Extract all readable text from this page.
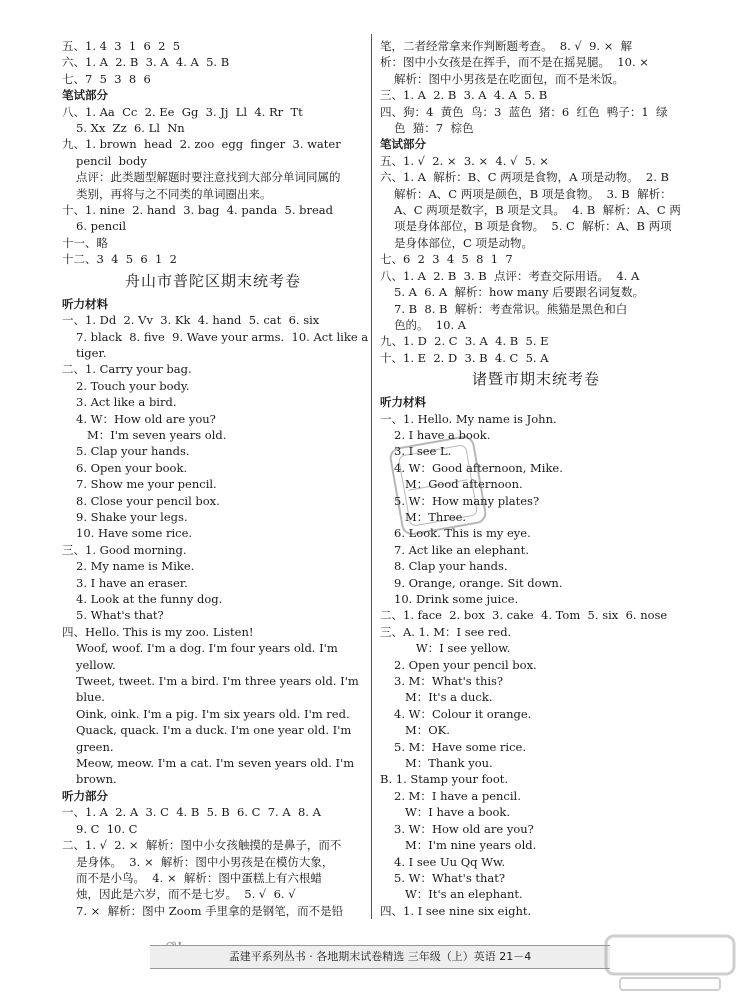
五、1. 4  3  1  6  2  5
六、1. A  2. B  3. A  4. A  5. B
七、7  5  3  8  6
笔试部分
八、1. Aa  Cc  2. Ee  Gg  3. Jj  Ll  4. Rr  Tt
5. Xx  Zz  6. Ll  Nn
九、1. brown  head  2. zoo  egg  finger  3. water
pencil  body
点评：此类题型解题时要注意找到大部分单词同属的
类别，再将与之不同类的单词圈出来。
十、1. nine  2. hand  3. bag  4. panda  5. bread
6. pencil
十一、略
十二、3  4  5  6  1  2
舟山市普陀区期末统考卷
听力材料
一、1. Dd  2. Vv  3. Kk  4. hand  5. cat  6. six
7. black  8. five  9. Wave your arms.  10. Act like a
tiger.
二、1. Carry your bag.
2. Touch your body.
3. Act like a bird.
4. W：How old are you?
M：I'm seven years old.
5. Clap your hands.
6. Open your book.
7. Show me your pencil.
8. Close your pencil box.
9. Shake your legs.
10. Have some rice.
三、1. Good morning.
2. My name is Mike.
3. I have an eraser.
4. Look at the funny dog.
5. What's that?
四、Hello. This is my zoo. Listen!
Woof, woof. I'm a dog. I'm four years old. I'm
yellow.
Tweet, tweet. I'm a bird. I'm three years old. I'm
blue.
Oink, oink. I'm a pig. I'm six years old. I'm red.
Quack, quack. I'm a duck. I'm one year old. I'm
green.
Meow, meow. I'm a cat. I'm seven years old. I'm
brown.
听力部分
一、1. A  2. A  3. C  4. B  5. B  6. C  7. A  8. A
9. C  10. C
二、1. √  2. ×  解析：图中小女孩触摸的是鼻子，而不
是身体。  3. ×  解析：图中小男孩是在模仿大象，
而不是小鸟。  4. ×  解析：图中蛋糕上有六根蜡
烛，因此是六岁，而不是七岁。  5. √  6. √
7. ×  解析：图中 Zoom 手里拿的是钢笔，而不是铅
笔，二者经常拿来作判断题考查。  8. √  9. ×  解
析：图中小女孩是在挥手，而不是在摇晃腿。  10. ×
解析：图中小男孩是在吃面包，而不是米饭。
三、1. A  2. B  3. A  4. A  5. B
四、狗：4  黄色  鸟：3  蓝色  猪：6  红色  鸭子：1  绿
色  猫：7  棕色
笔试部分
五、1. √  2. ×  3. ×  4. √  5. ×
六、1. A  解析：B、C 两项是食物，A 项是动物。  2. B
解析：A、C 两项是颜色，B 项是食物。  3. B  解析：
A、C 两项是数字，B 项是文具。  4. B  解析：A、C 两
项是身体部位，B 项是食物。  5. C  解析：A、B 两项
是身体部位，C 项是动物。
七、6  2  3  4  5  8  1  7
八、1. A  2. B  3. B  点评：考查交际用语。  4. A
5. A  6. A  解析：how many 后要跟名词复数。
7. B  8. B  解析：考查常识。熊猫是黑色和白
色的。  10. A
九、1. D  2. C  3. A  4. B  5. E
十、1. E  2. D  3. B  4. C  5. A
诸暨市期末统考卷
听力材料
一、1. Hello. My name is John.
2. I have a book.
3. I see L.
4. W：Good afternoon, Mike.
M：Good afternoon.
5. W：How many plates?
M：Three.
6. Look. This is my eye.
7. Act like an elephant.
8. Clap your hands.
9. Orange, orange. Sit down.
10. Drink some juice.
二、1. face  2. box  3. cake  4. Tom  5. six  6. nose
三、A. 1. M：I see red.
W：I see yellow.
2. Open your pencil box.
3. M：What's this?
M：It's a duck.
4. W：Colour it orange.
M：OK.
5. M：Have some rice.
M：Thank you.
B. 1. Stamp your foot.
2. M：I have a pencil.
W：I have a book.
3. W：How old are you?
M：I'm nine years old.
4. I see Uu Qq Ww.
5. W：What's that?
W：It's an elephant.
四、1. I see nine six eight.
孟建平系列丛书 · 各地期末试卷精选 三年级（上）英语 21－4
